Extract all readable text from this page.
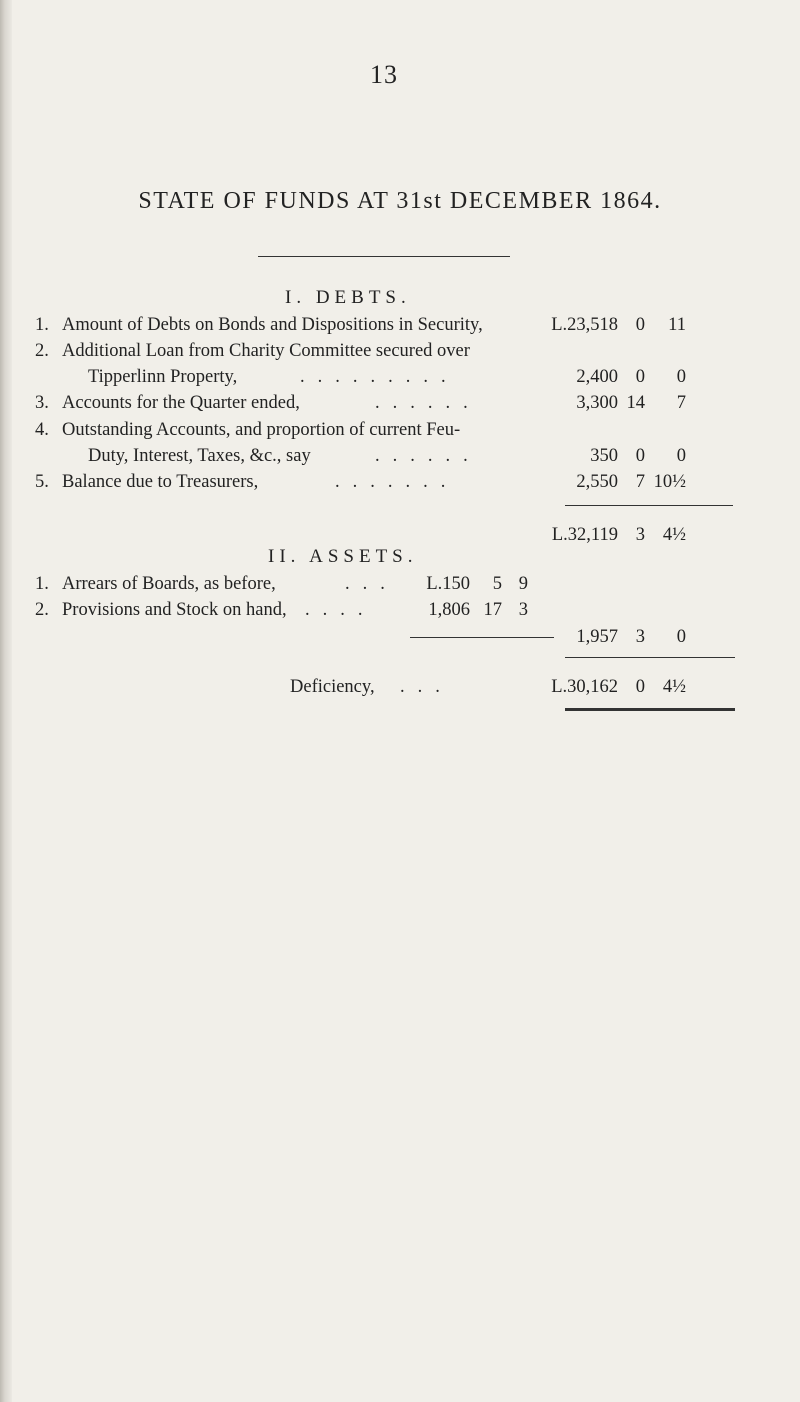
13
STATE OF FUNDS AT 31st DECEMBER 1864.
I. DEBTS.
1. Amount of Debts on Bonds and Dispositions in Security,	L.23,518 0 11
2. Additional Loan from Charity Committee secured over
Tipperlinn Property,	.........	2,400 0 0
3. Accounts for the Quarter ended,	......	3,300 14 7
4. Outstanding Accounts, and proportion of current Feu-
Duty, Interest, Taxes, &c., say	......	350 0 0
5. Balance due to Treasurers,	.......	2,550 7 10½
L.32,119 3 4½
II. ASSETS.
1. Arrears of Boards, as before,	... L.150 5 9
2. Provisions and Stock on hand, ....	1,806 17 3
1,957 3 0
Deficiency, ...	L.30,162 0 4½
